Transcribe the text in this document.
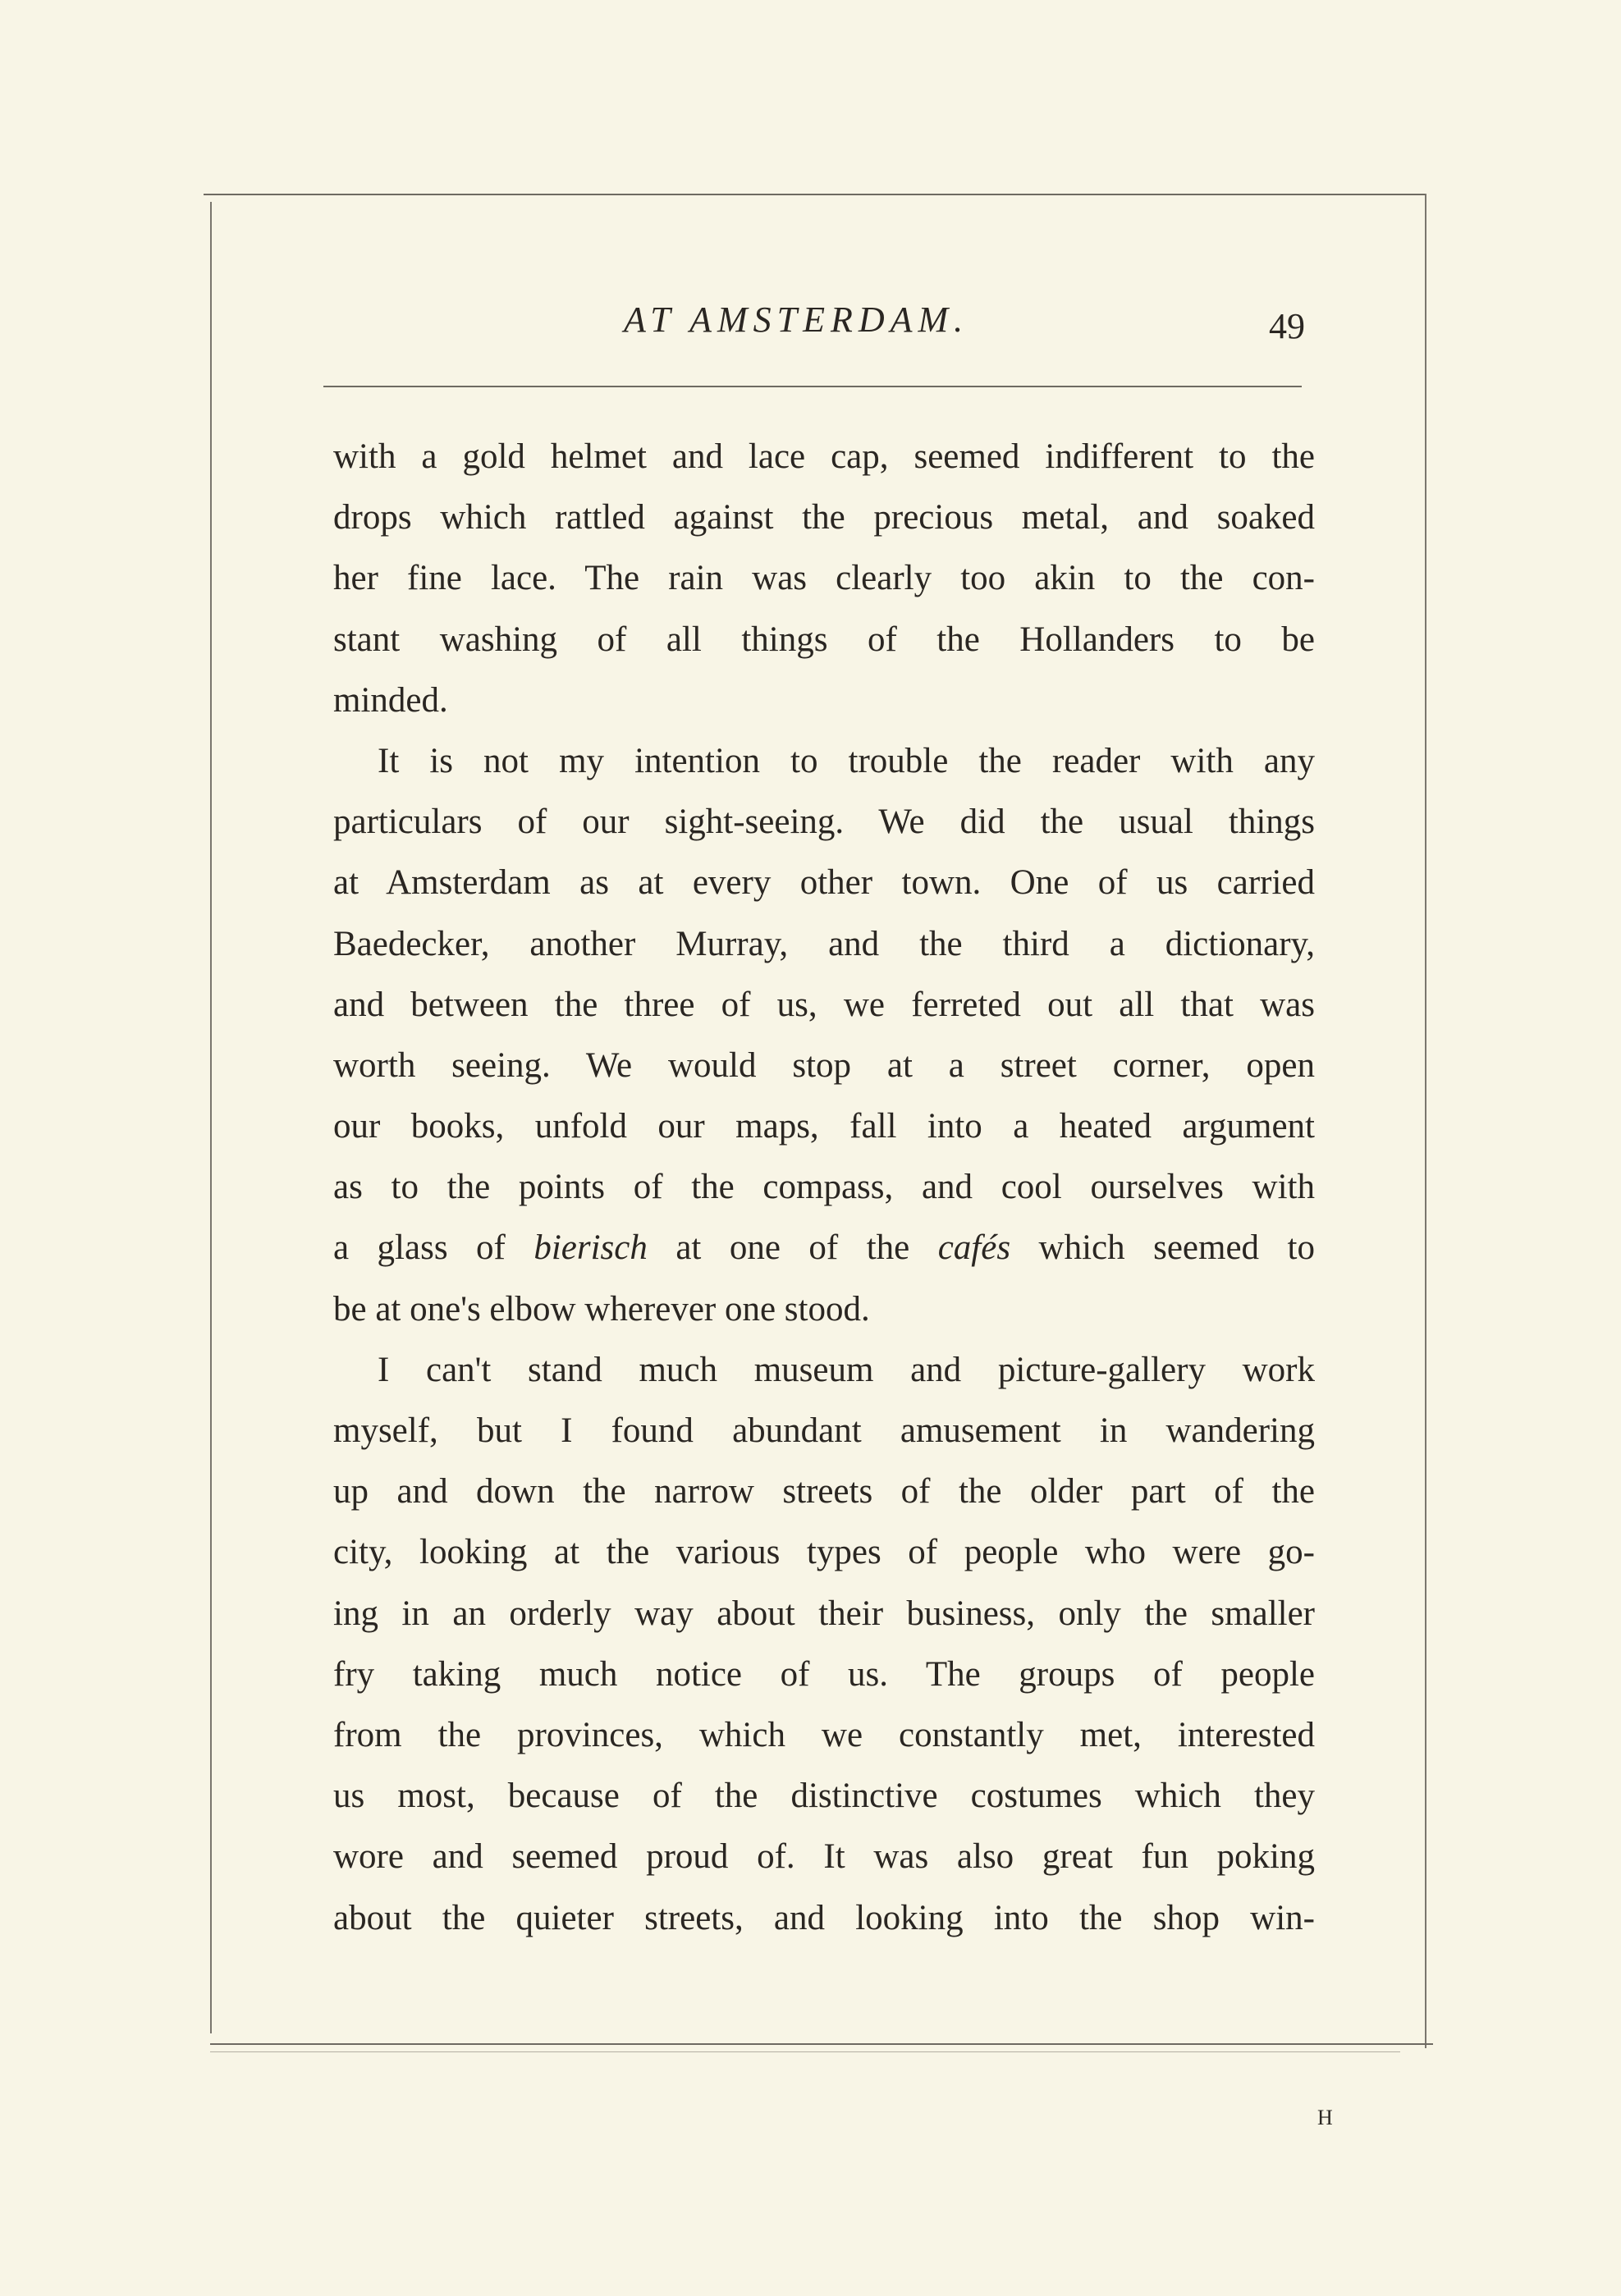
AT AMSTERDAM.	49
with a gold helmet and lace cap, seemed indifferent to the
drops which rattled against the precious metal, and soaked
her fine lace. The rain was clearly too akin to the con-
stant washing of all things of the Hollanders to be
minded.
It is not my intention to trouble the reader with any
particulars of our sight-seeing. We did the usual things
at Amsterdam as at every other town. One of us carried
Baedecker, another Murray, and the third a dictionary,
and between the three of us, we ferreted out all that was
worth seeing. We would stop at a street corner, open
our books, unfold our maps, fall into a heated argument
as to the points of the compass, and cool ourselves with
a glass of bierisch at one of the cafés which seemed to
be at one's elbow wherever one stood.
I can't stand much museum and picture-gallery work
myself, but I found abundant amusement in wandering
up and down the narrow streets of the older part of the
city, looking at the various types of people who were go-
ing in an orderly way about their business, only the smaller
fry taking much notice of us. The groups of people
from the provinces, which we constantly met, interested
us most, because of the distinctive costumes which they
wore and seemed proud of. It was also great fun poking
about the quieter streets, and looking into the shop win-
H
